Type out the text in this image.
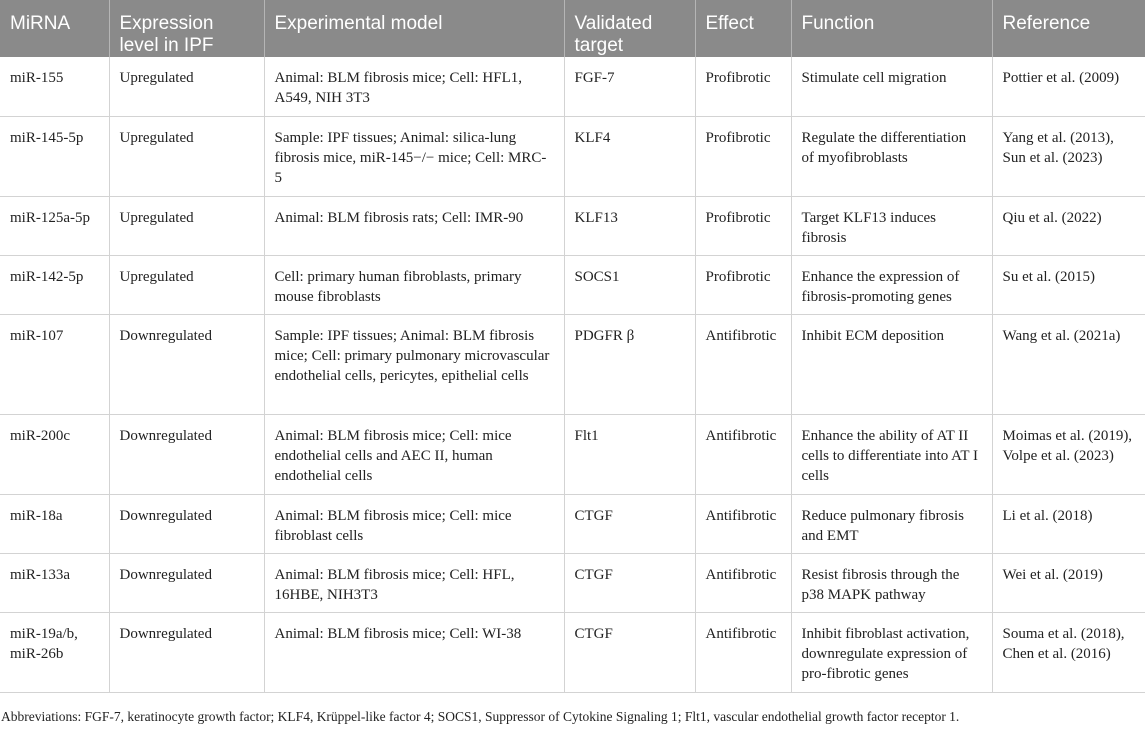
MiRNA	Expression level in IPF	Experimental model	Validated target	Effect	Function	Reference
miR-155	Upregulated	Animal: BLM fibrosis mice; Cell: HFL1, A549, NIH 3T3	FGF-7	Profibrotic	Stimulate cell migration	Pottier et al. (2009)
miR-145-5p	Upregulated	Sample: IPF tissues; Animal: silica-lung fibrosis mice, miR-145−/− mice; Cell: MRC-5	KLF4	Profibrotic	Regulate the differentiation of myofibroblasts	Yang et al. (2013), Sun et al. (2023)
miR-125a-5p	Upregulated	Animal: BLM fibrosis rats; Cell: IMR-90	KLF13	Profibrotic	Target KLF13 induces fibrosis	Qiu et al. (2022)
miR-142-5p	Upregulated	Cell: primary human fibroblasts, primary mouse fibroblasts	SOCS1	Profibrotic	Enhance the expression of fibrosis-promoting genes	Su et al. (2015)
miR-107	Downregulated	Sample: IPF tissues; Animal: BLM fibrosis mice; Cell: primary pulmonary microvascular endothelial cells, pericytes, epithelial cells	PDGFR β	Antifibrotic	Inhibit ECM deposition	Wang et al. (2021a)
miR-200c	Downregulated	Animal: BLM fibrosis mice; Cell: mice endothelial cells and AEC II, human endothelial cells	Flt1	Antifibrotic	Enhance the ability of AT II cells to differentiate into AT I cells	Moimas et al. (2019), Volpe et al. (2023)
miR-18a	Downregulated	Animal: BLM fibrosis mice; Cell: mice fibroblast cells	CTGF	Antifibrotic	Reduce pulmonary fibrosis and EMT	Li et al. (2018)
miR-133a	Downregulated	Animal: BLM fibrosis mice; Cell: HFL, 16HBE, NIH3T3	CTGF	Antifibrotic	Resist fibrosis through the p38 MAPK pathway	Wei et al. (2019)
miR-19a/b, miR-26b	Downregulated	Animal: BLM fibrosis mice; Cell: WI-38	CTGF	Antifibrotic	Inhibit fibroblast activation, downregulate expression of pro-fibrotic genes	Souma et al. (2018), Chen et al. (2016)
Abbreviations: FGF-7, keratinocyte growth factor; KLF4, Krüppel-like factor 4; SOCS1, Suppressor of Cytokine Signaling 1; Flt1, vascular endothelial growth factor receptor 1.
